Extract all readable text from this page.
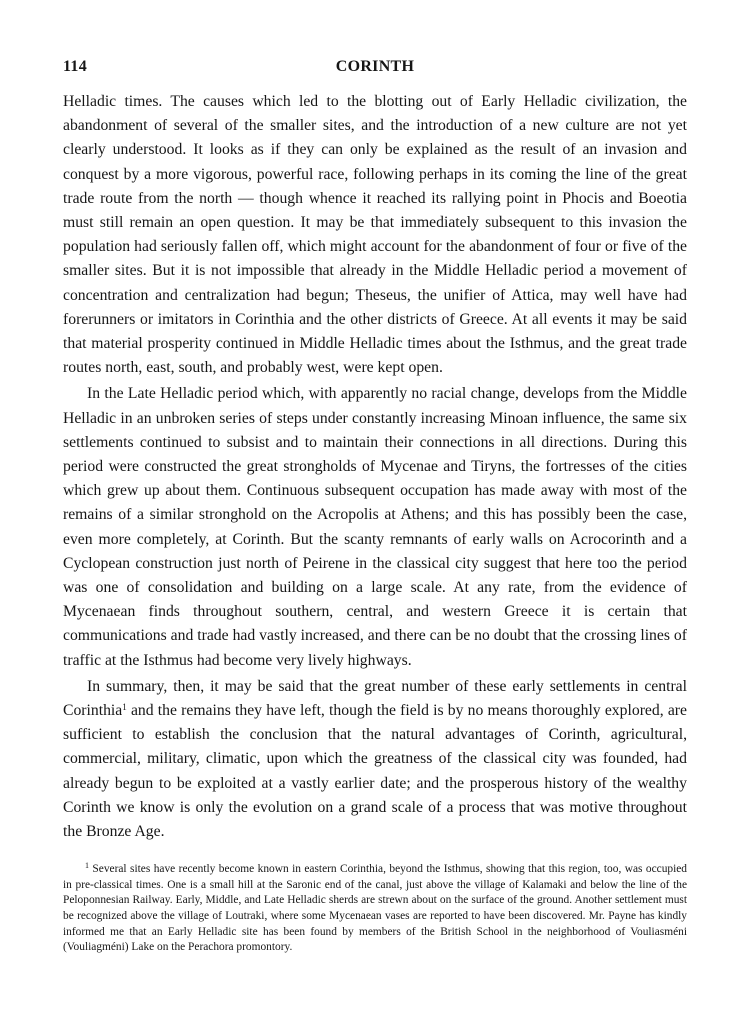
114	CORINTH

Helladic times. The causes which led to the blotting out of Early Helladic civilization, the abandonment of several of the smaller sites, and the introduction of a new culture are not yet clearly understood. It looks as if they can only be explained as the result of an invasion and conquest by a more vigorous, powerful race, following perhaps in its coming the line of the great trade route from the north — though whence it reached its rallying point in Phocis and Boeotia must still remain an open question. It may be that immediately subsequent to this invasion the population had seriously fallen off, which might account for the abandonment of four or five of the smaller sites. But it is not impossible that already in the Middle Helladic period a movement of concentration and centralization had begun; Theseus, the unifier of Attica, may well have had forerunners or imitators in Corinthia and the other districts of Greece. At all events it may be said that material prosperity continued in Middle Helladic times about the Isthmus, and the great trade routes north, east, south, and probably west, were kept open.

In the Late Helladic period which, with apparently no racial change, develops from the Middle Helladic in an unbroken series of steps under constantly increasing Minoan influence, the same six settlements continued to subsist and to maintain their connections in all directions. During this period were constructed the great strongholds of Mycenae and Tiryns, the fortresses of the cities which grew up about them. Continuous subsequent occupation has made away with most of the remains of a similar stronghold on the Acropolis at Athens; and this has possibly been the case, even more completely, at Corinth. But the scanty remnants of early walls on Acrocorinth and a Cyclopean construction just north of Peirene in the classical city suggest that here too the period was one of consolidation and building on a large scale. At any rate, from the evidence of Mycenaean finds throughout southern, central, and western Greece it is certain that communications and trade had vastly increased, and there can be no doubt that the crossing lines of traffic at the Isthmus had become very lively highways.

In summary, then, it may be said that the great number of these early settlements in central Corinthia$^1$ and the remains they have left, though the field is by no means thoroughly explored, are sufficient to establish the conclusion that the natural advantages of Corinth, agricultural, commercial, military, climatic, upon which the greatness of the classical city was founded, had already begun to be exploited at a vastly earlier date; and the prosperous history of the wealthy Corinth we know is only the evolution on a grand scale of a process that was motive throughout the Bronze Age.

$^1$ Several sites have recently become known in eastern Corinthia, beyond the Isthmus, showing that this region, too, was occupied in pre-classical times. One is a small hill at the Saronic end of the canal, just above the village of Kalamaki and below the line of the Peloponnesian Railway. Early, Middle, and Late Helladic sherds are strewn about on the surface of the ground. Another settlement must be recognized above the village of Loutraki, where some Mycenaean vases are reported to have been discovered. Mr. Payne has kindly informed me that an Early Helladic site has been found by members of the British School in the neighborhood of Vouliasméni (Vouliagméni) Lake on the Perachora promontory.
